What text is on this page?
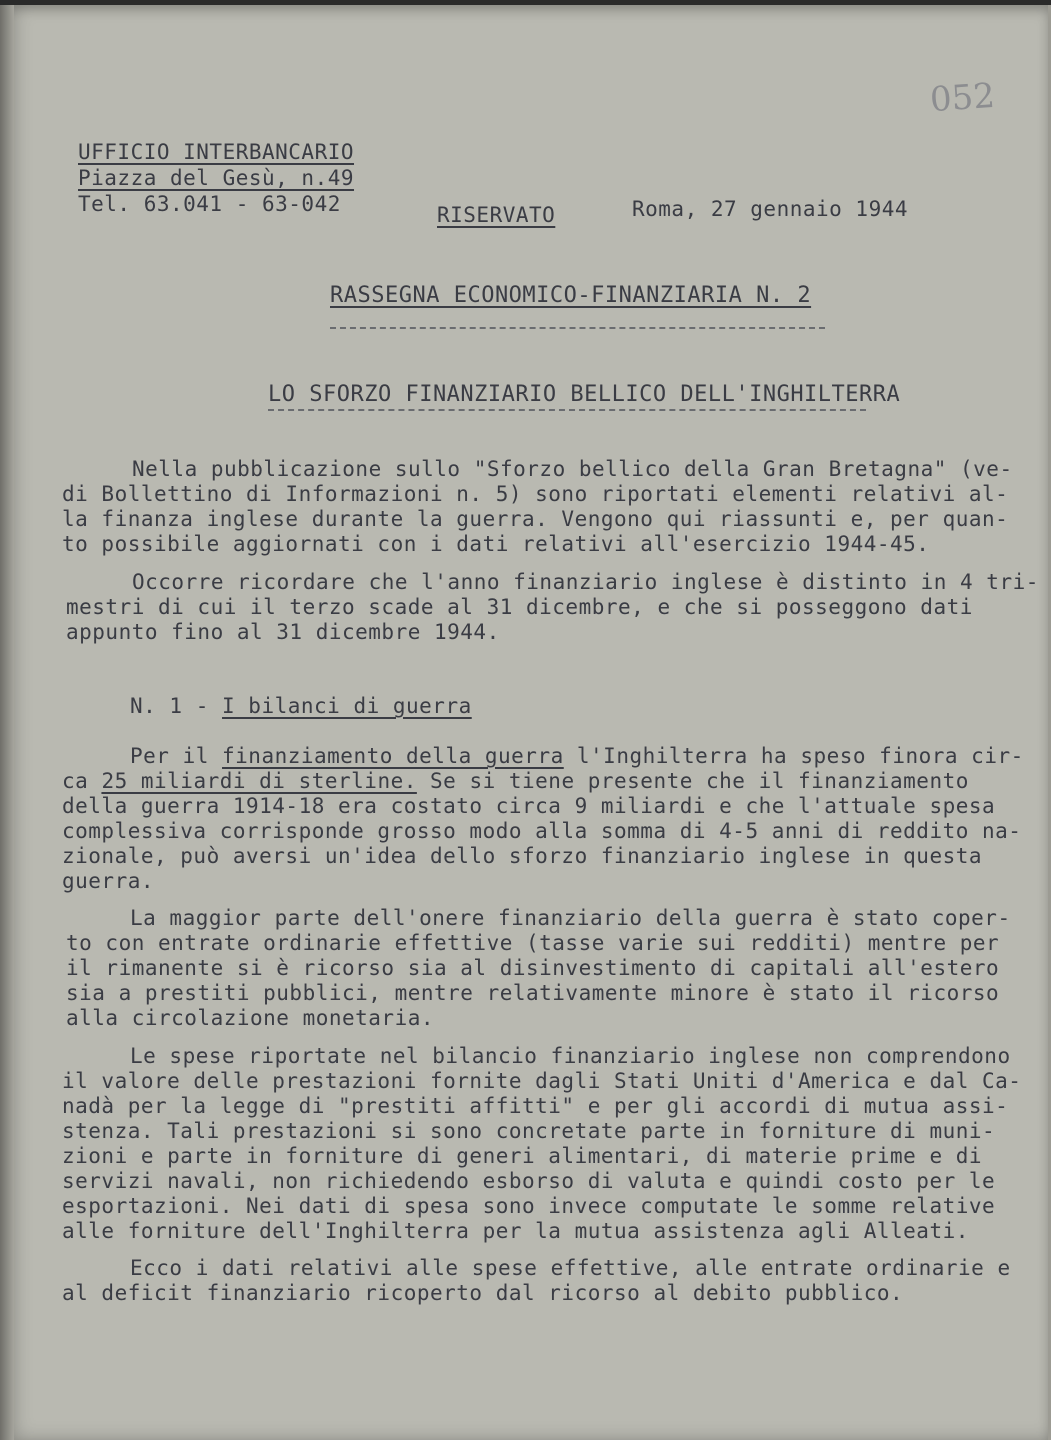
052
UFFICIO INTERBANCARIO
Piazza del Gesù, n.49
Tel. 63.041 - 63-042	RISERVATO	Roma, 27 gennaio 1944
RASSEGNA ECONOMICO-FINANZIARIA N. 2
LO SFORZO FINANZIARIO BELLICO DELL'INGHILTERRA
Nella pubblicazione sullo "Sforzo bellico della Gran Bretagna" (ve-
di Bollettino di Informazioni n. 5) sono riportati elementi relativi al-
la finanza inglese durante la guerra. Vengono qui riassunti e, per quan-
to possibile aggiornati con i dati relativi all'esercizio 1944-45.
Occorre ricordare che l'anno finanziario inglese è distinto in 4 tri-
mestri di cui il terzo scade al 31 dicembre, e che si posseggono dati
appunto fino al 31 dicembre 1944.
N. 1 - I bilanci di guerra
Per il finanziamento della guerra l'Inghilterra ha speso finora cir-
ca 25 miliardi di sterline. Se si tiene presente che il finanziamento
della guerra 1914-18 era costato circa 9 miliardi e che l'attuale spesa
complessiva corrisponde grosso modo alla somma di 4-5 anni di reddito na-
zionale, può aversi un'idea dello sforzo finanziario inglese in questa
guerra.
La maggior parte dell'onere finanziario della guerra è stato coper-
to con entrate ordinarie effettive (tasse varie sui redditi) mentre per
il rimanente si è ricorso sia al disinvestimento di capitali all'estero
sia a prestiti pubblici, mentre relativamente minore è stato il ricorso
alla circolazione monetaria.
Le spese riportate nel bilancio finanziario inglese non comprendono
il valore delle prestazioni fornite dagli Stati Uniti d'America e dal Ca-
nadà per la legge di "prestiti affitti" e per gli accordi di mutua assi-
stenza. Tali prestazioni si sono concretate parte in forniture di muni-
zioni e parte in forniture di generi alimentari, di materie prime e di
servizi navali, non richiedendo esborso di valuta e quindi costo per le
esportazioni. Nei dati di spesa sono invece computate le somme relative
alle forniture dell'Inghilterra per la mutua assistenza agli Alleati.
Ecco i dati relativi alle spese effettive, alle entrate ordinarie e
al deficit finanziario ricoperto dal ricorso al debito pubblico.
